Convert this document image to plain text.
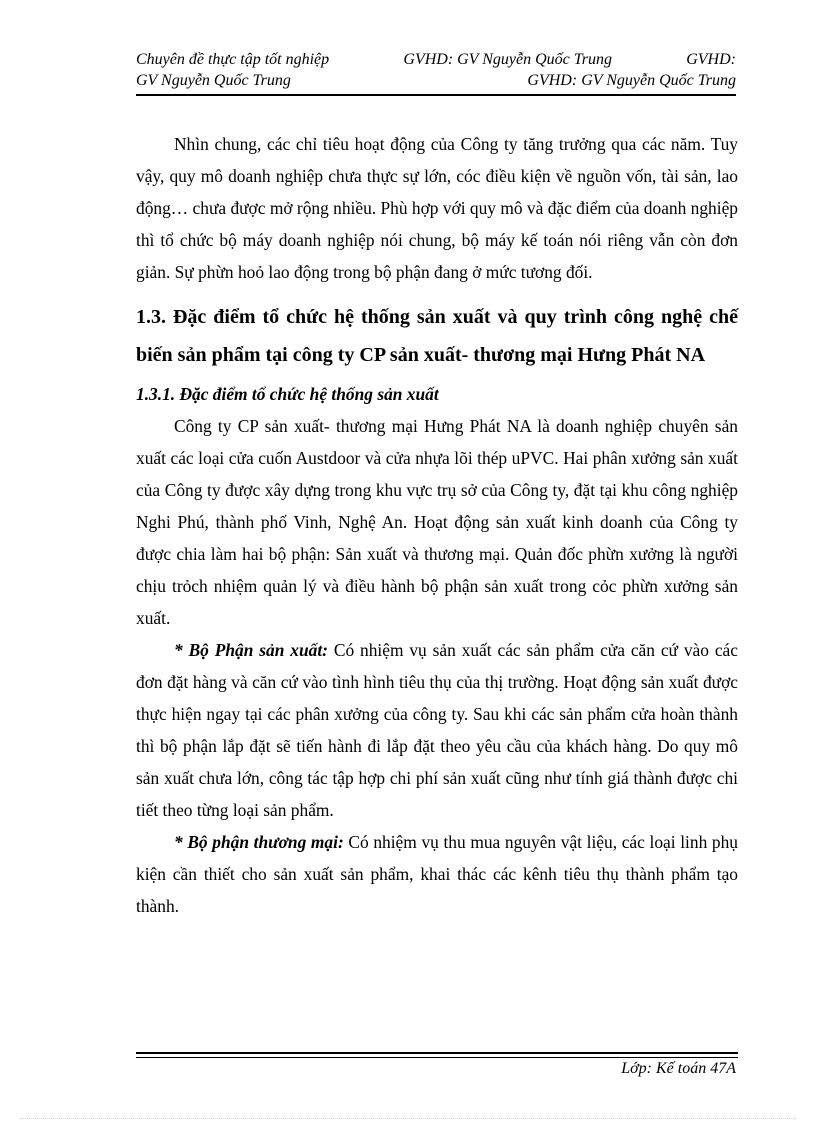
Chuyên đề thực tập tốt nghiệp	GVHD: GV Nguyễn Quốc Trung	GVHD:
GV Nguyễn Quốc Trung	GVHD: GV Nguyễn Quốc Trung

Nhìn chung, các chỉ tiêu hoạt động của Công ty tăng trưởng qua các năm. Tuy vậy, quy mô doanh nghiệp chưa thực sự lớn, cóc điều kiện về nguồn vốn, tài sản, lao động… chưa được mở rộng nhiều. Phù hợp với quy mô và đặc điểm của doanh nghiệp thì tổ chức bộ máy doanh nghiệp nói chung, bộ máy kế toán nói riêng vẫn còn đơn giản. Sự phừn hoỏ lao động trong bộ phận đang ở mức tương đối.

1.3. Đặc điểm tổ chức hệ thống sản xuất và quy trình công nghệ chế biến sản phẩm tại công ty CP sản xuất- thương mại Hưng Phát NA
1.3.1. Đặc điểm tổ chức hệ thống sản xuất

Công ty CP sản xuất- thương mại Hưng Phát NA là doanh nghiệp chuyên sản xuất các loại cửa cuốn Austdoor và cửa nhựa lõi thép uPVC. Hai phân xưởng sản xuất của Công ty được xây dựng trong khu vực trụ sở của Công ty, đặt tại khu công nghiệp Nghi Phú, thành phố Vinh, Nghệ An. Hoạt động sản xuất kinh doanh của Công ty được chia làm hai bộ phận: Sản xuất và thương mại. Quản đốc phừn xưởng là người chịu trỏch nhiệm quản lý và điều hành bộ phận sản xuất trong cỏc phừn xưởng sản xuất.

* Bộ Phận sản xuất: Có nhiệm vụ sản xuất các sản phẩm cửa căn cứ vào các đơn đặt hàng và căn cứ vào tình hình tiêu thụ của thị trường. Hoạt động sản xuất được thực hiện ngay tại các phân xưởng của công ty. Sau khi các sản phẩm cửa hoàn thành thì bộ phận lắp đặt sẽ tiến hành đi lắp đặt theo yêu cầu của khách hàng. Do quy mô sản xuất chưa lớn, công tác tập hợp chi phí sản xuất cũng như tính giá thành được chi tiết theo từng loại sản phẩm.

* Bộ phận thương mại: Có nhiệm vụ thu mua nguyên vật liệu, các loại linh phụ kiện cần thiết cho sản xuất sản phẩm, khai thác các kênh tiêu thụ thành phẩm tạo thành.

Lớp: Kế toán 47A
